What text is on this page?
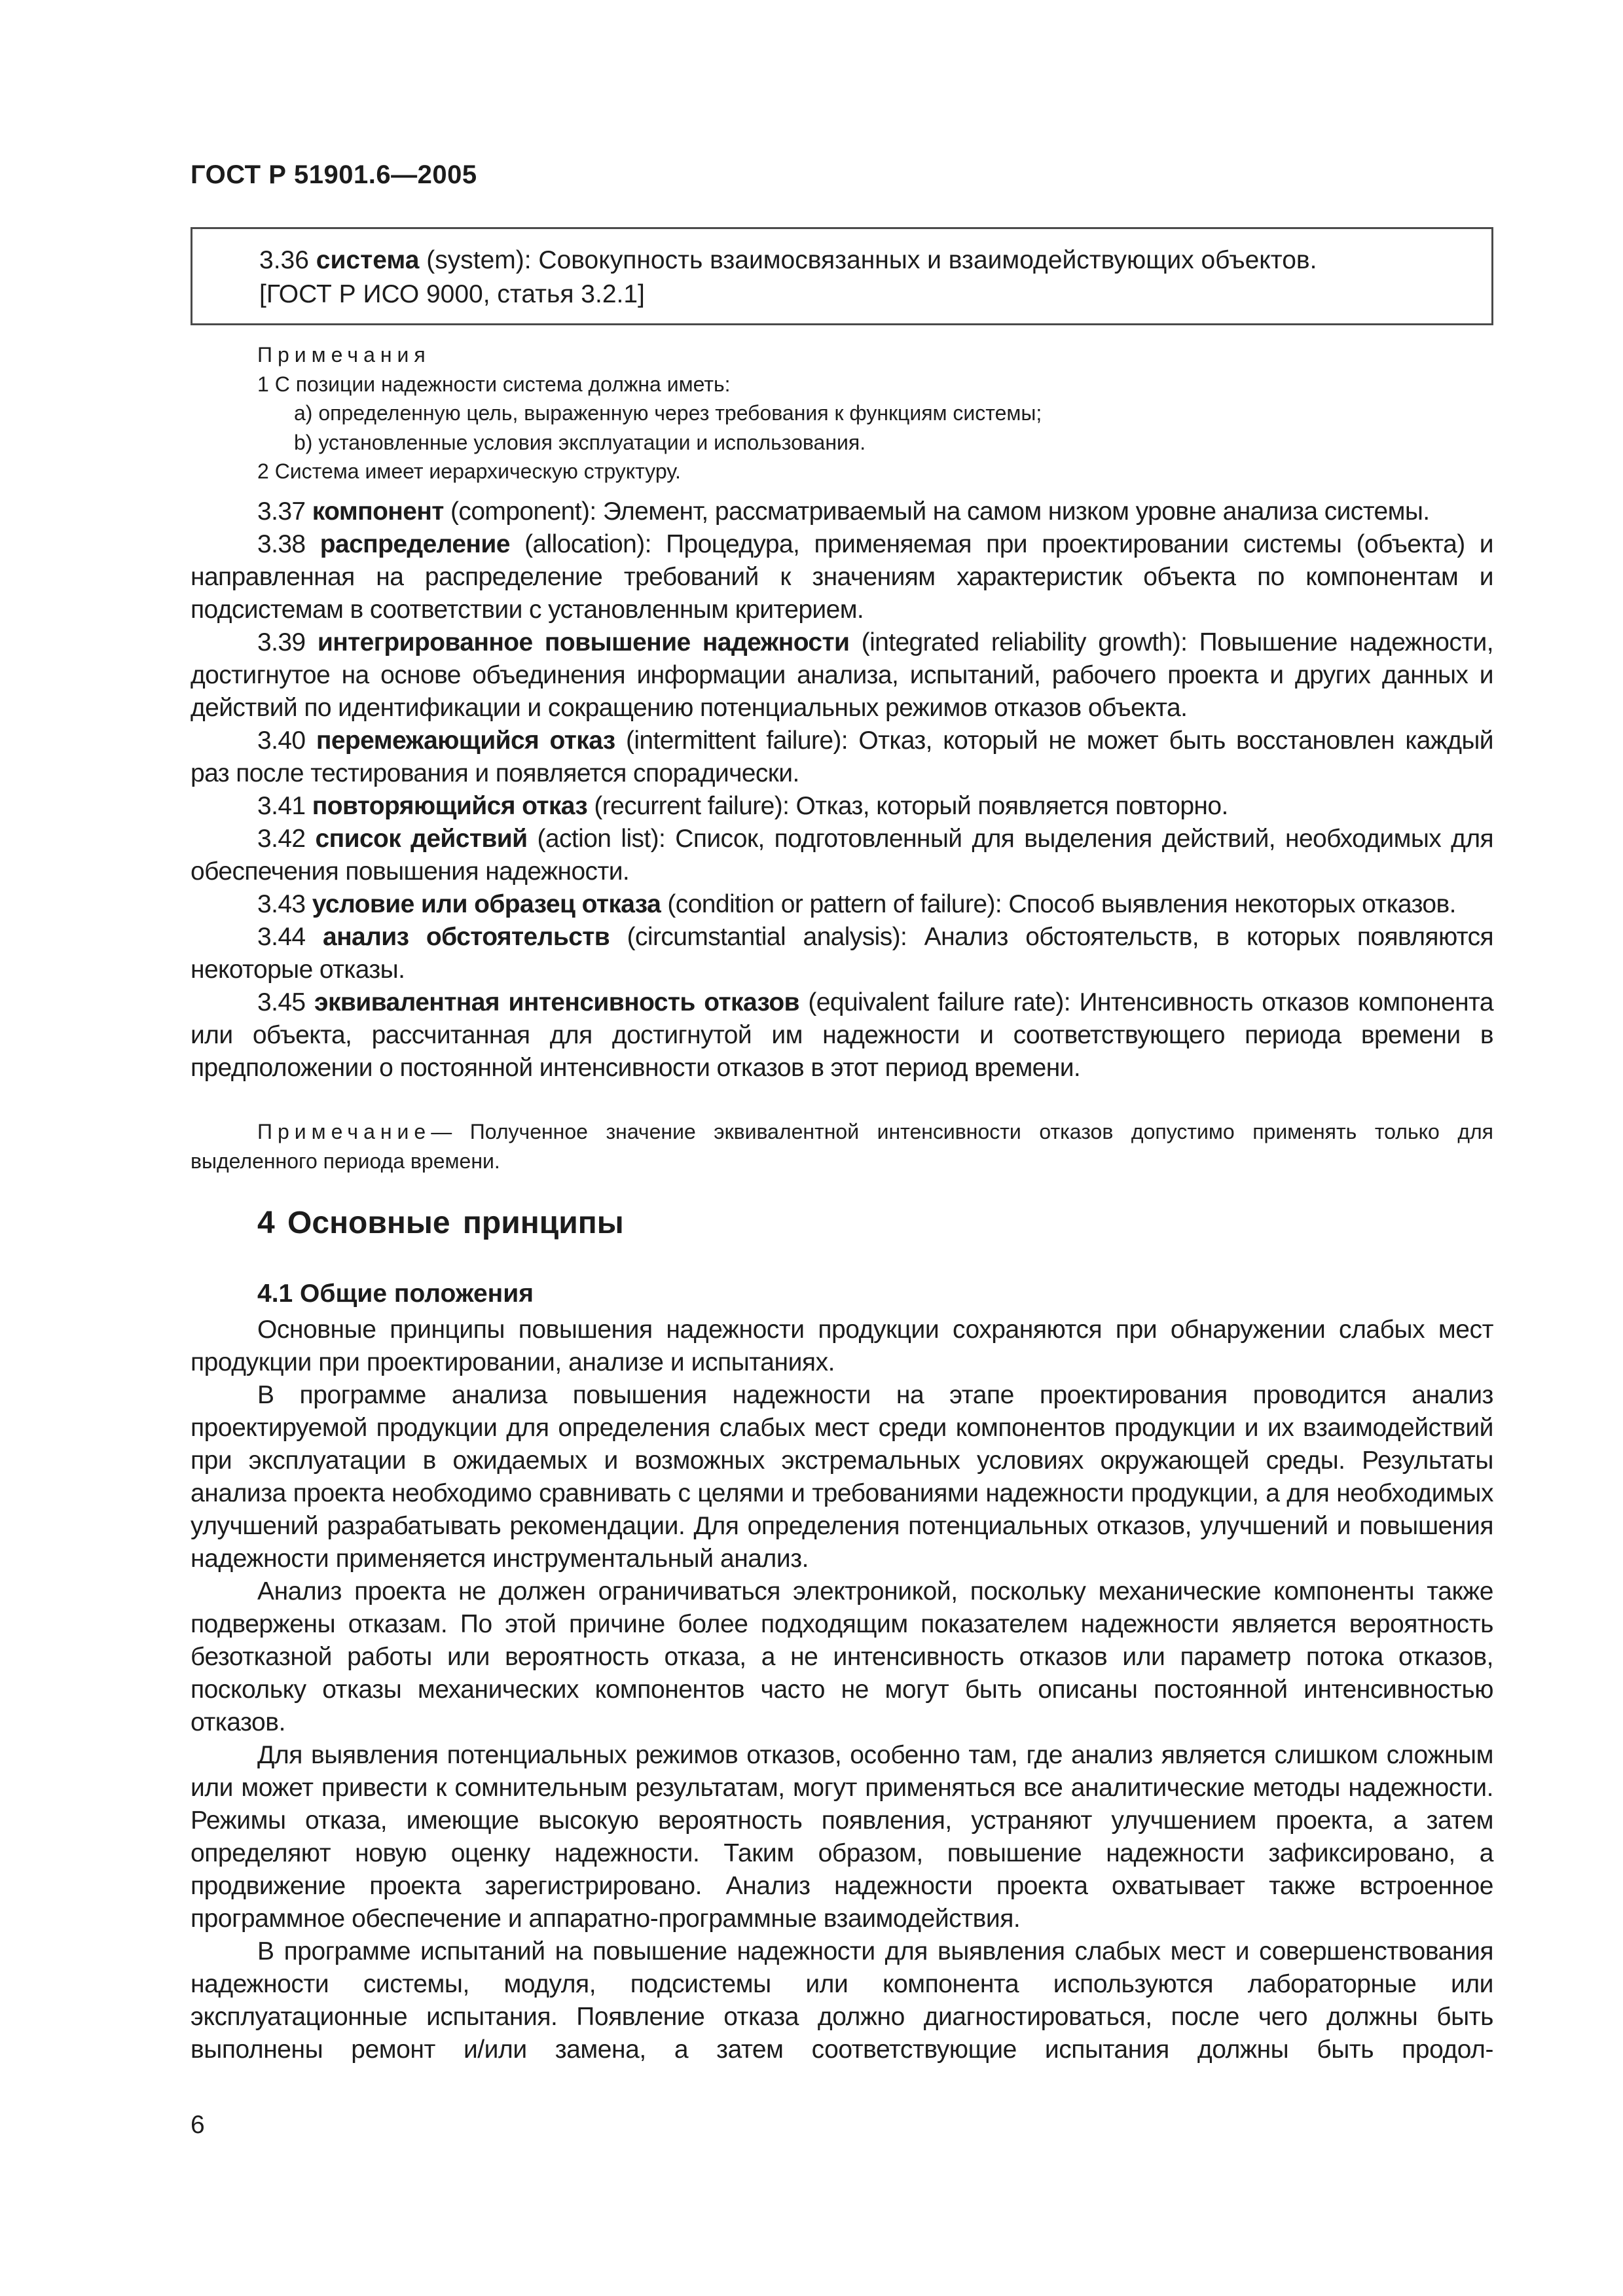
ГОСТ Р 51901.6—2005
3.36 система (system): Совокупность взаимосвязанных и взаимодействующих объектов.
[ГОСТ Р ИСО 9000, статья 3.2.1]
Примечания
1 С позиции надежности система должна иметь:
a) определенную цель, выраженную через требования к функциям системы;
b) установленные условия эксплуатации и использования.
2 Система имеет иерархическую структуру.

3.37 компонент (component): Элемент, рассматриваемый на самом низком уровне анализа системы.

3.38 распределение (allocation): Процедура, применяемая при проектировании системы (объекта) и направленная на распределение требований к значениям характеристик объекта по компонентам и подсистемам в соответствии с установленным критерием.

3.39 интегрированное повышение надежности (integrated reliability growth): Повышение надежности, достигнутое на основе объединения информации анализа, испытаний, рабочего проекта и других данных и действий по идентификации и сокращению потенциальных режимов отказов объекта.

3.40 перемежающийся отказ (intermittent failure): Отказ, который не может быть восстановлен каждый раз после тестирования и появляется спорадически.

3.41 повторяющийся отказ (recurrent failure): Отказ, который появляется повторно.

3.42 список действий (action list): Список, подготовленный для выделения действий, необходимых для обеспечения повышения надежности.

3.43 условие или образец отказа (condition or pattern of failure): Способ выявления некоторых отказов.

3.44 анализ обстоятельств (circumstantial analysis): Анализ обстоятельств, в которых появляются некоторые отказы.

3.45 эквивалентная интенсивность отказов (equivalent failure rate): Интенсивность отказов компонента или объекта, рассчитанная для достигнутой им надежности и соответствующего периода времени в предположении о постоянной интенсивности отказов в этот период времени.

Примечание— Полученное значение эквивалентной интенсивности отказов допустимо применять только для выделенного периода времени.
4 Основные принципы
4.1 Общие положения

Основные принципы повышения надежности продукции сохраняются при обнаружении слабых мест продукции при проектировании, анализе и испытаниях.

В программе анализа повышения надежности на этапе проектирования проводится анализ проектируемой продукции для определения слабых мест среди компонентов продукции и их взаимодействий при эксплуатации в ожидаемых и возможных экстремальных условиях окружающей среды. Результаты анализа проекта необходимо сравнивать с целями и требованиями надежности продукции, а для необходимых улучшений разрабатывать рекомендации. Для определения потенциальных отказов, улучшений и повышения надежности применяется инструментальный анализ.

Анализ проекта не должен ограничиваться электроникой, поскольку механические компоненты также подвержены отказам. По этой причине более подходящим показателем надежности является вероятность безотказной работы или вероятность отказа, а не интенсивность отказов или параметр потока отказов, поскольку отказы механических компонентов часто не могут быть описаны постоянной интенсивностью отказов.

Для выявления потенциальных режимов отказов, особенно там, где анализ является слишком сложным или может привести к сомнительным результатам, могут применяться все аналитические методы надежности. Режимы отказа, имеющие высокую вероятность появления, устраняют улучшением проекта, а затем определяют новую оценку надежности. Таким образом, повышение надежности зафиксировано, а продвижение проекта зарегистрировано. Анализ надежности проекта охватывает также встроенное программное обеспечение и аппаратно-программные взаимодействия.

В программе испытаний на повышение надежности для выявления слабых мест и совершенствования надежности системы, модуля, подсистемы или компонента используются лабораторные или эксплуатационные испытания. Появление отказа должно диагностироваться, после чего должны быть выполнены ремонт и/или замена, а затем соответствующие испытания должны быть продол-

6
